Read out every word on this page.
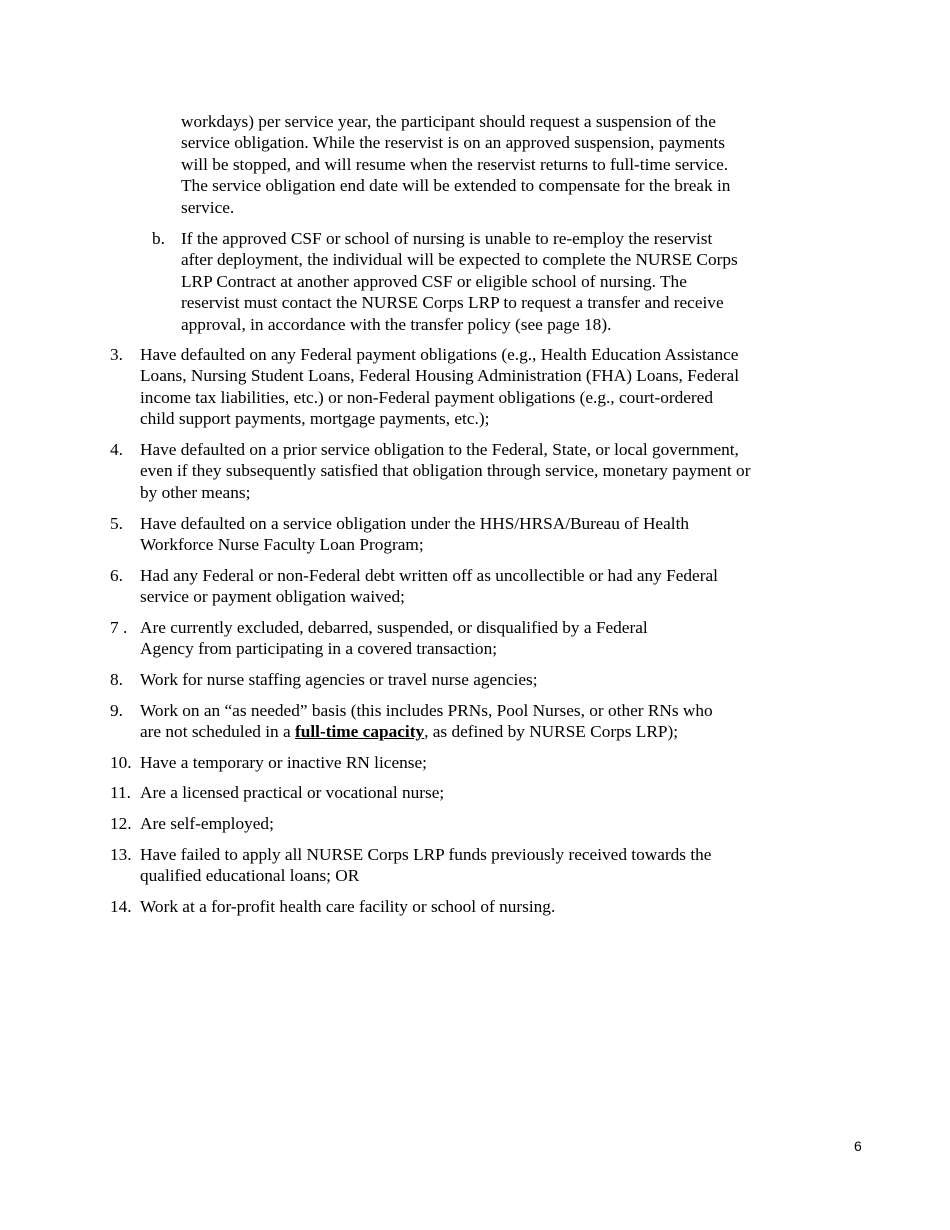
workdays) per service year, the participant should request a suspension of the
service obligation. While the reservist is on an approved suspension, payments
will be stopped, and will resume when the reservist returns to full-time service.
The service obligation end date will be extended to compensate for the break in
service.
b. If the approved CSF or school of nursing is unable to re-employ the reservist
after deployment, the individual will be expected to complete the NURSE Corps
LRP Contract at another approved CSF or eligible school of nursing. The
reservist must contact the NURSE Corps LRP to request a transfer and receive
approval, in accordance with the transfer policy (see page 18).
3. Have defaulted on any Federal payment obligations (e.g., Health Education Assistance
Loans, Nursing Student Loans, Federal Housing Administration (FHA) Loans, Federal
income tax liabilities, etc.) or non-Federal payment obligations (e.g., court-ordered
child support payments, mortgage payments, etc.);
4. Have defaulted on a prior service obligation to the Federal, State, or local government,
even if they subsequently satisfied that obligation through service, monetary payment or
by other means;
5. Have defaulted on a service obligation under the HHS/HRSA/Bureau of Health
Workforce Nurse Faculty Loan Program;
6. Had any Federal or non-Federal debt written off as uncollectible or had any Federal
service or payment obligation waived;
7 . Are currently excluded, debarred, suspended, or disqualified by a Federal
Agency from participating in a covered transaction;
8. Work for nurse staffing agencies or travel nurse agencies;
9. Work on an “as needed” basis (this includes PRNs, Pool Nurses, or other RNs who
are not scheduled in a full-time capacity, as defined by NURSE Corps LRP);
10. Have a temporary or inactive RN license;
11. Are a licensed practical or vocational nurse;
12. Are self-employed;
13. Have failed to apply all NURSE Corps LRP funds previously received towards the
qualified educational loans; OR
14. Work at a for-profit health care facility or school of nursing.
6
